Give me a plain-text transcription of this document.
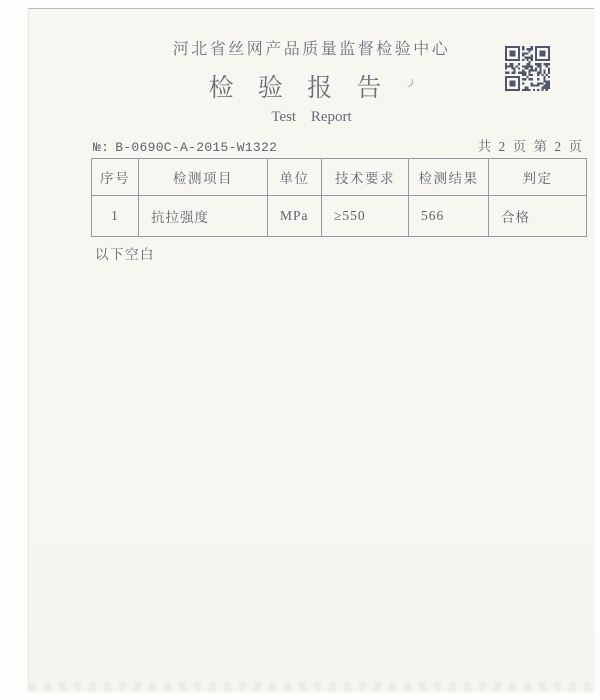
河北省丝网产品质量监督检验中心
检 验 报 告
Test Report
№: B-0690C-A-2015-W1322	共 2 页 第 2 页
序号	检测项目	单位	技术要求	检测结果	判定
1	抗拉强度	MPa	≥550	566	合格
以下空白
